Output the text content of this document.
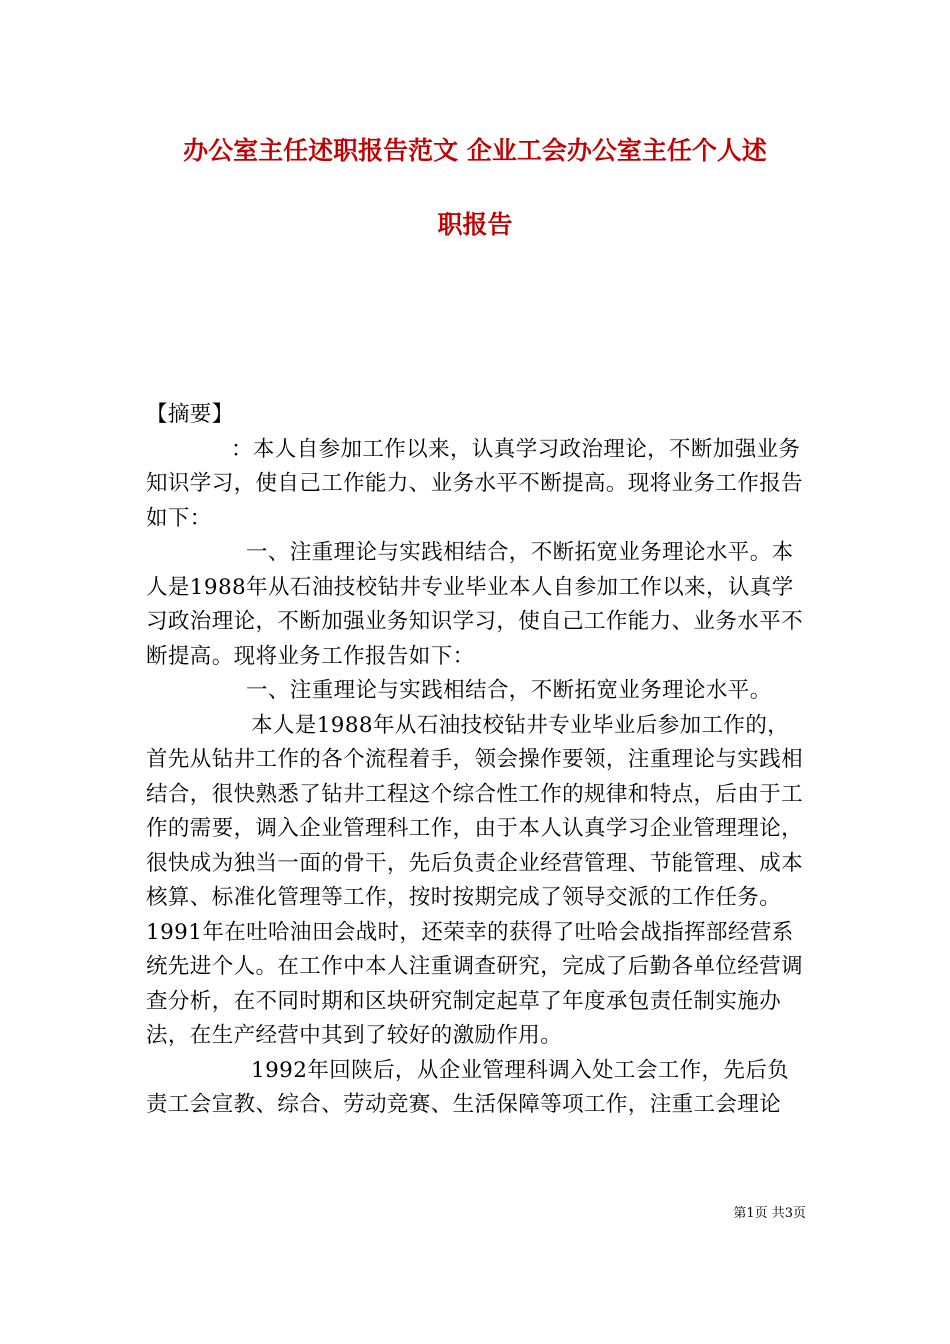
办公室主任述职报告范文 企业工会办公室主任个人述
职报告

【摘要】

：本人自参加工作以来，认真学习政治理论，不断加强业务知识学习，使自己工作能力、业务水平不断提高。现将业务工作报告如下：

一、注重理论与实践相结合，不断拓宽业务理论水平。本人是1988年从石油技校钻井专业毕业本人自参加工作以来，认真学习政治理论，不断加强业务知识学习，使自己工作能力、业务水平不断提高。现将业务工作报告如下：

一、注重理论与实践相结合，不断拓宽业务理论水平。

本人是1988年从石油技校钻井专业毕业后参加工作的，首先从钻井工作的各个流程着手，领会操作要领，注重理论与实践相结合，很快熟悉了钻井工程这个综合性工作的规律和特点，后由于工作的需要，调入企业管理科工作，由于本人认真学习企业管理理论，很快成为独当一面的骨干，先后负责企业经营管理、节能管理、成本核算、标准化管理等工作，按时按期完成了领导交派的工作任务。1991年在吐哈油田会战时，还荣幸的获得了吐哈会战指挥部经营系统先进个人。在工作中本人注重调查研究，完成了后勤各单位经营调查分析，在不同时期和区块研究制定起草了年度承包责任制实施办法，在生产经营中其到了较好的激励作用。

1992年回陕后，从企业管理科调入处工会工作，先后负责工会宣教、综合、劳动竞赛、生活保障等项工作，注重工会理论

第1页 共3页
